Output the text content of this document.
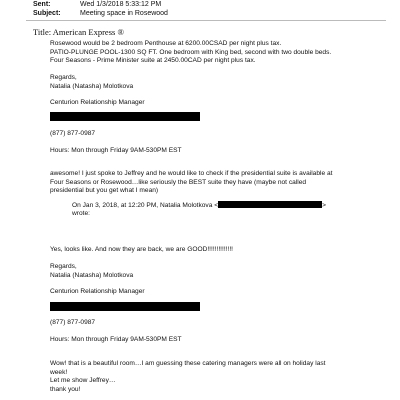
Sent:	Wed 1/3/2018 5:33:12 PM
Subject:	Meeting space in Rosewood
Title: American Express ®
Rosewood would be 2 bedroom Penthouse at 6200.00CSAD per night plus tax.
PATIO-PLUNGE POOL-1300 SQ FT. One bedroom with King bed, second with two double beds.
Four Seasons - Prime Minister suite at 2450.00CAD per night plus tax.
Regards,
Natalia (Natasha) Molotkova
Centurion Relationship Manager
(877) 877-0987
Hours: Mon through Friday 9AM-530PM EST
awesome! I just spoke to Jeffrey and he would like to check if the presidential suite is available at
Four Seasons or Rosewood…like seriously the BEST suite they have (maybe not called
presidential but you get what I mean)
On Jan 3, 2018, at 12:20 PM, Natalia Molotkova <	>
wrote:
Yes, looks like. And now they are back, we are GOOD!!!!!!!!!!!!!!
Regards,
Natalia (Natasha) Molotkova
Centurion Relationship Manager
(877) 877-0987
Hours: Mon through Friday 9AM-530PM EST
Wow! that is a beautiful room…I am guessing these catering managers were all on holiday last
week!
Let me show Jeffrey…
thank you!
